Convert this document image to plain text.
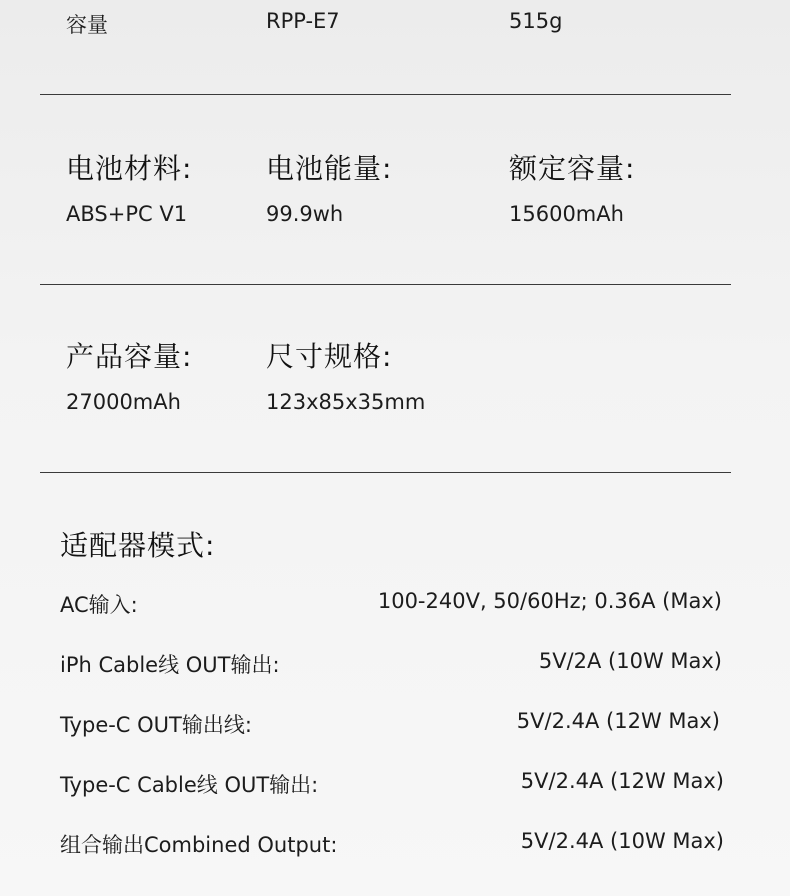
容量	RPP-E7	515g
电池材料:	电池能量:	额定容量:
ABS+PC V1	99.9wh	15600mAh
产品容量:	尺寸规格:
27000mAh	123x85x35mm
适配器模式:
AC输入:	100-240V, 50/60Hz; 0.36A (Max)
iPh Cable线 OUT输出:	5V/2A (10W Max)
Type-C OUT输出线:	5V/2.4A (12W Max)
Type-C Cable线 OUT输出:	5V/2.4A (12W Max)
组合输出Combined Output:	5V/2.4A (10W Max)
